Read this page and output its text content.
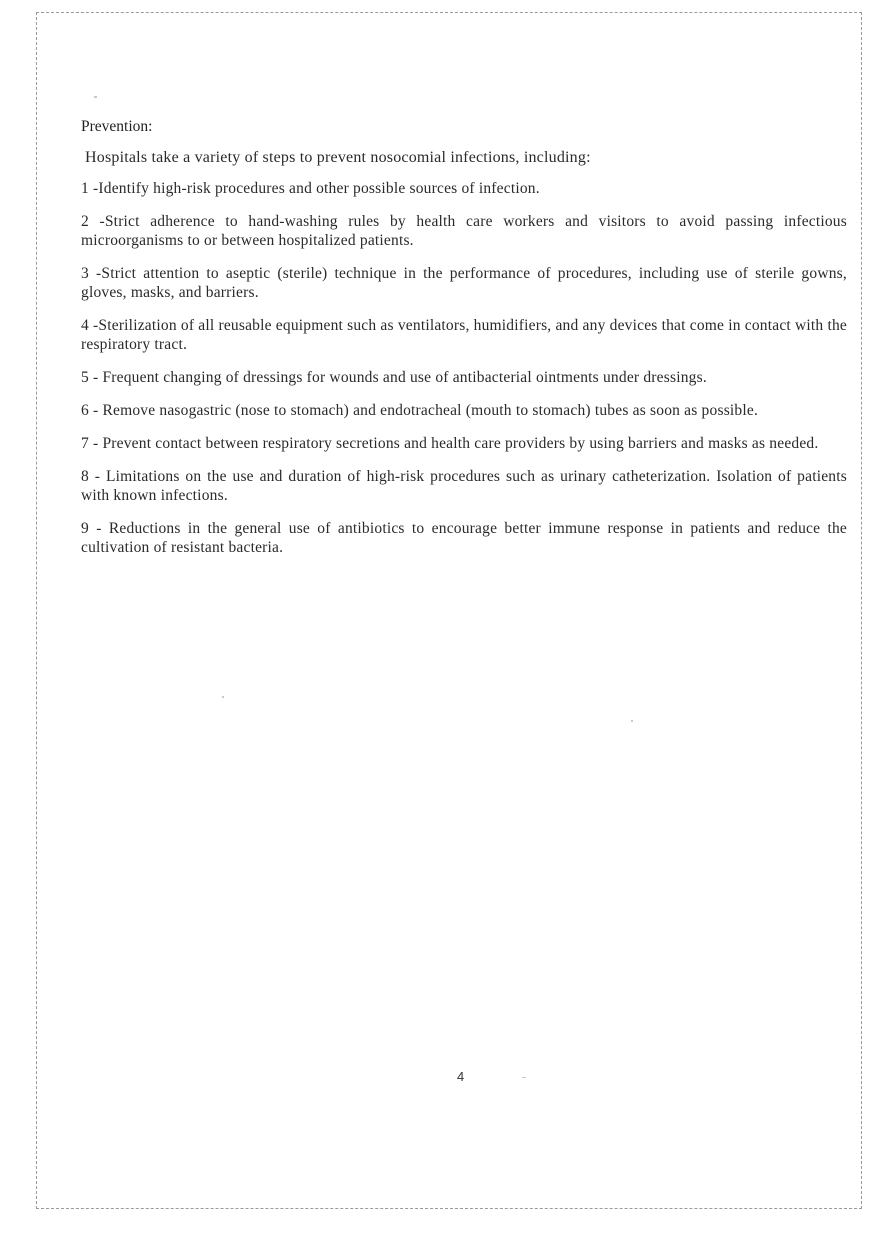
Prevention:
Hospitals take a variety of steps to prevent nosocomial infections, including:
1 -Identify high-risk procedures and other possible sources of infection.
2 -Strict adherence to hand-washing rules by health care workers and visitors to avoid passing infectious microorganisms to or between hospitalized patients.
3 -Strict attention to aseptic (sterile) technique in the performance of procedures, including use of sterile gowns, gloves, masks, and barriers.
4 -Sterilization of all reusable equipment such as ventilators, humidifiers, and any devices that come in contact with the respiratory tract.
5 - Frequent changing of dressings for wounds and use of antibacterial ointments under dressings.
6 - Remove nasogastric (nose to stomach) and endotracheal (mouth to stomach) tubes as soon as possible.
7 - Prevent contact between respiratory secretions and health care providers by using barriers and masks as needed.
8 - Limitations on the use and duration of high-risk procedures such as urinary catheterization. Isolation of patients with known infections.
9 - Reductions in the general use of antibiotics to encourage better immune response in patients and reduce the cultivation of resistant bacteria.
4
